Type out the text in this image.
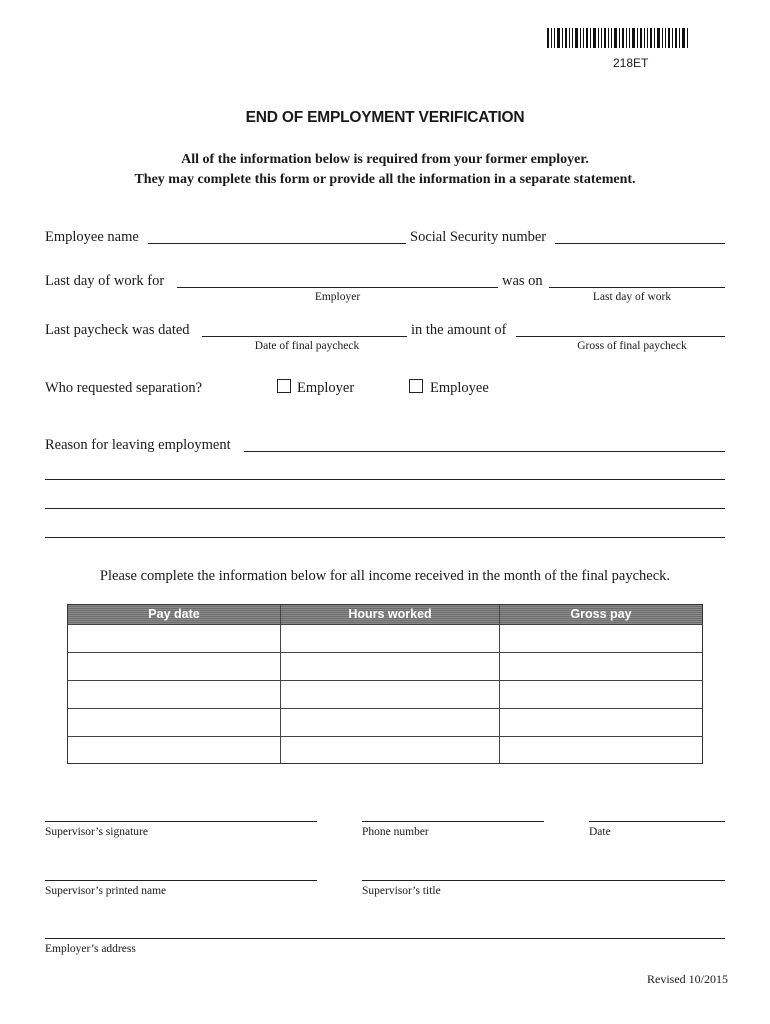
218ET
END OF EMPLOYMENT VERIFICATION
All of the information below is required from your former employer.
They may complete this form or provide all the information in a separate statement.
Employee name	Social Security number
Last day of work for
Employer
was on
Last day of work
Last paycheck was dated
Date of final paycheck
in the amount of
Gross of final paycheck
Who requested separation?	Employer	Employee
Reason for leaving employment
Please complete the information below for all income received in the month of the final paycheck.
Pay date	Hours worked	Gross pay
Supervisor’s signature	Phone number	Date
Supervisor’s printed name	Supervisor’s title
Employer’s address
Revised 10/2015
